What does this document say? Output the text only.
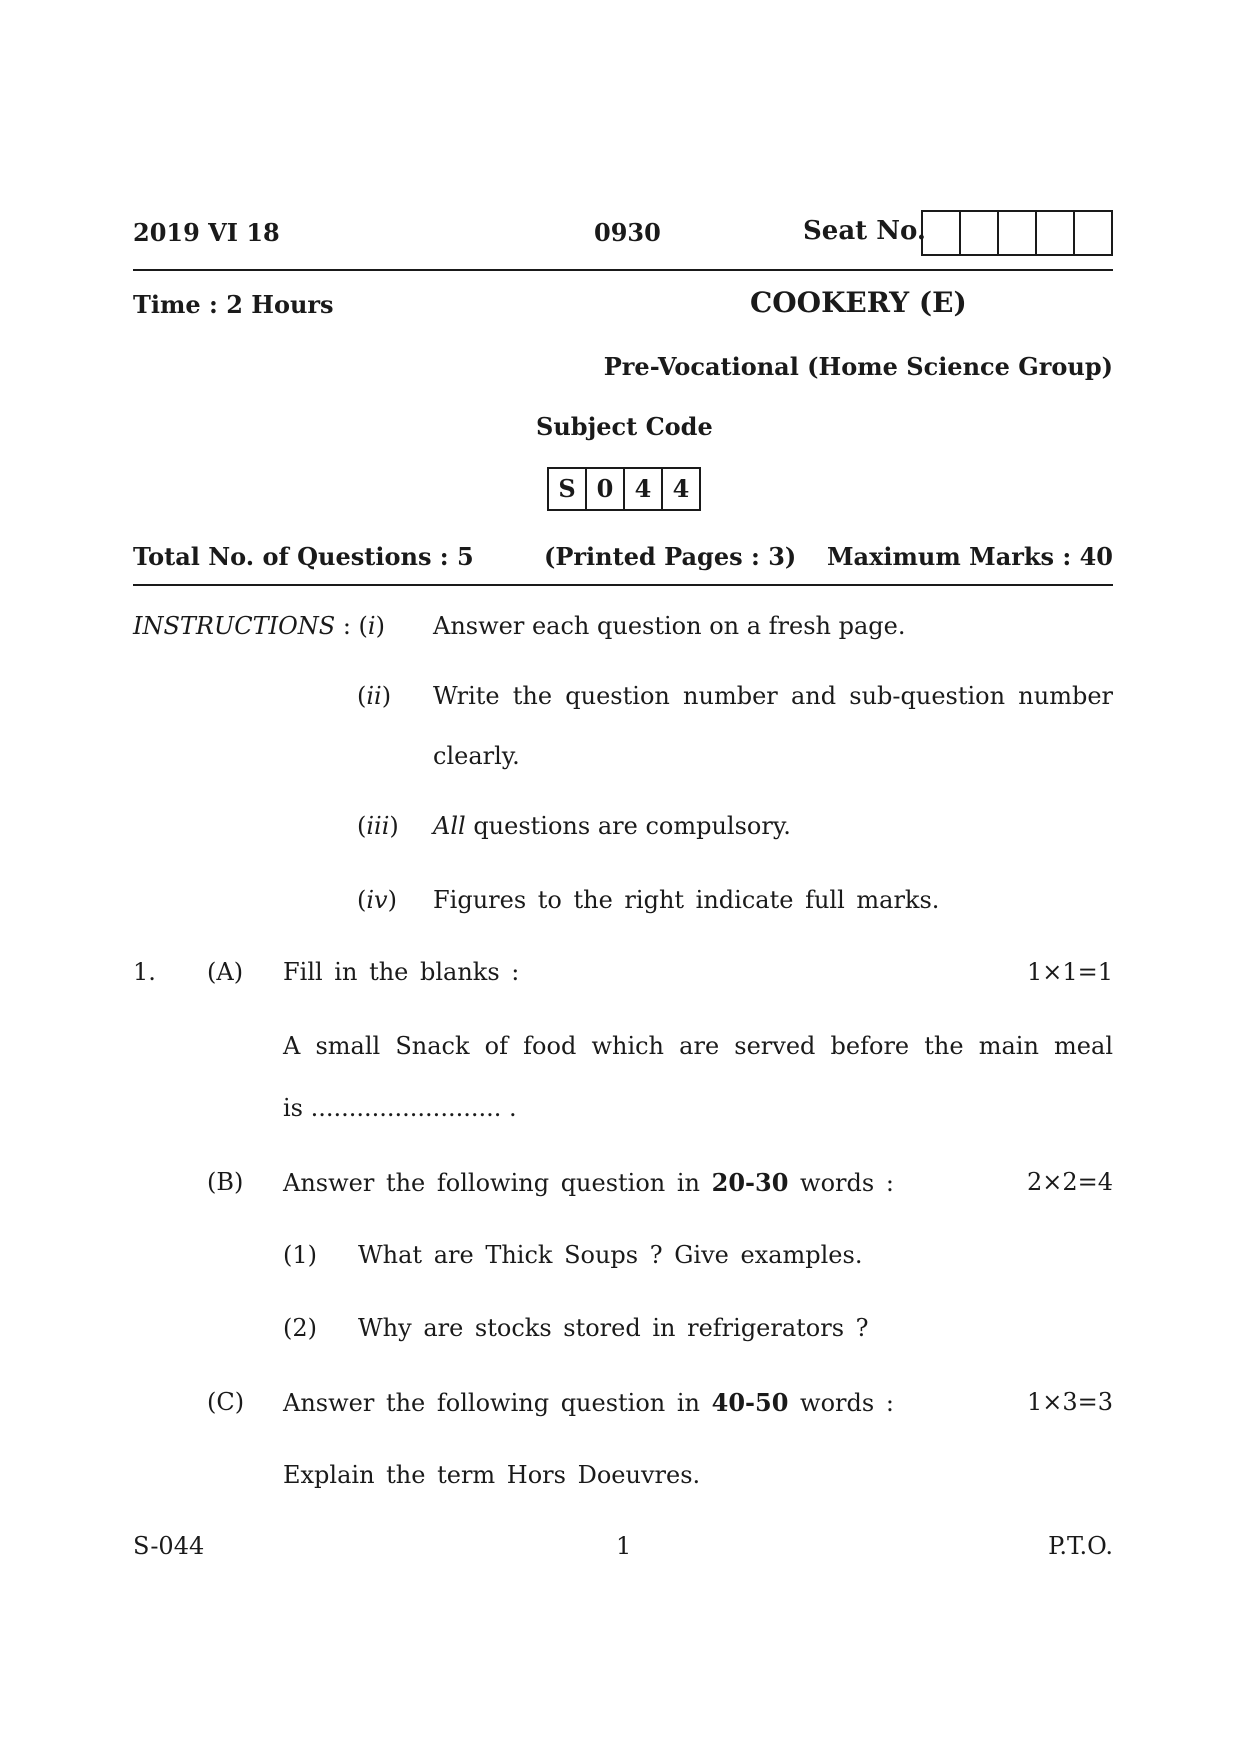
2019 VI 18	0930	Seat No.
Time : 2 Hours	COOKERY (E)
Pre-Vocational (Home Science Group)
Subject Code
S 0 4 4
Total No. of Questions : 5	(Printed Pages : 3) Maximum Marks : 40
INSTRUCTIONS : (i) Answer each question on a fresh page.
(ii) Write the question number and sub-question number
clearly.
(iii) All questions are compulsory.
(iv) Figures to the right indicate full marks.
1. (A) Fill in the blanks :	1×1=1
A small Snack of food which are served before the main meal
is ......................... .
(B) Answer the following question in 20-30 words :	2×2=4
(1) What are Thick Soups ? Give examples.
(2) Why are stocks stored in refrigerators ?
(C) Answer the following question in 40-50 words :	1×3=3
Explain the term Hors Doeuvres.
S-044	1	P.T.O.
